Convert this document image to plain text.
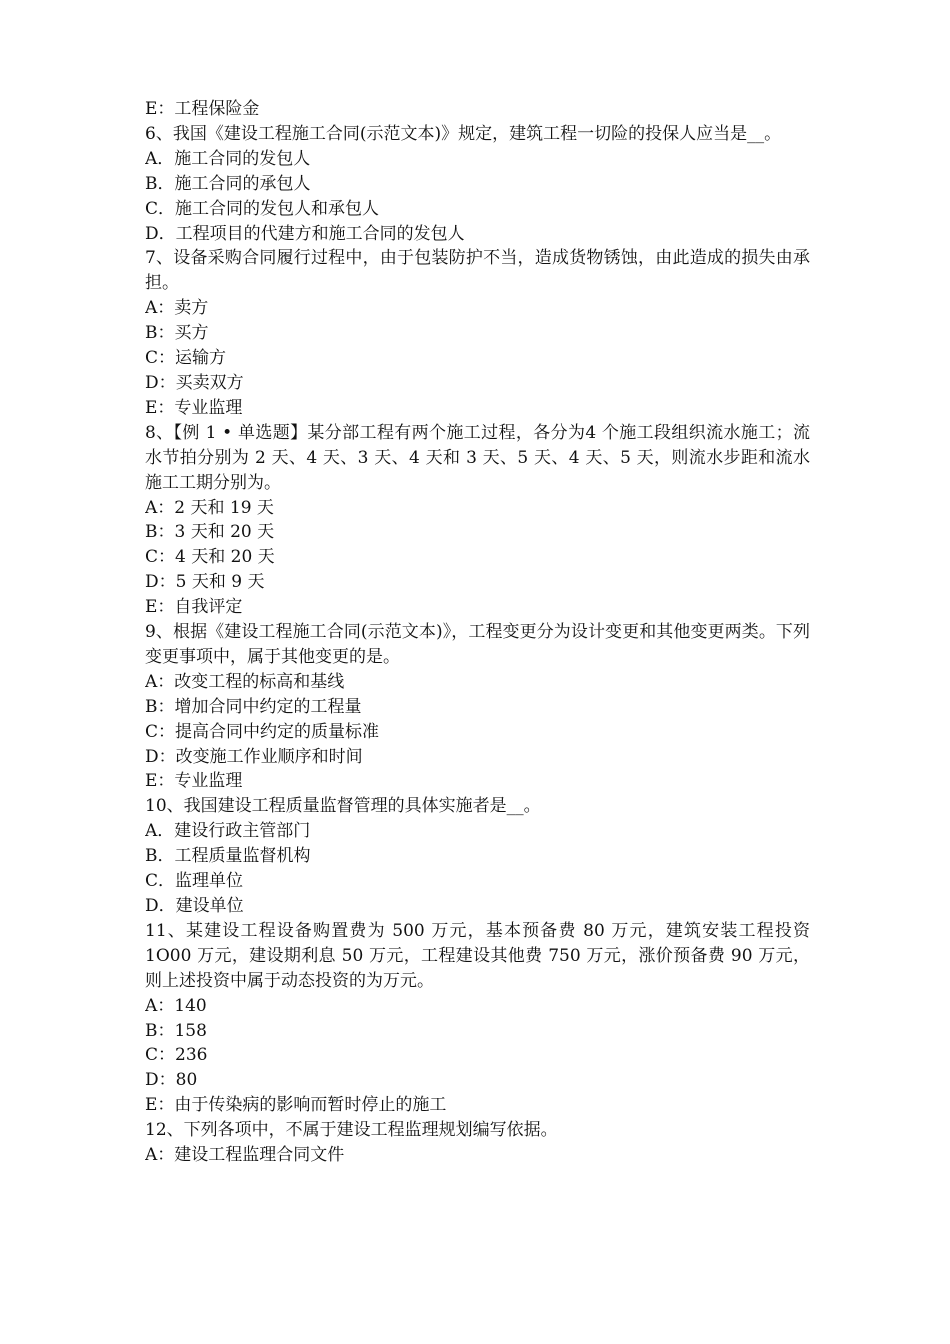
E：工程保险金
6、我国《建设工程施工合同(示范文本)》规定，建筑工程一切险的投保人应当是__。
A．施工合同的发包人
B．施工合同的承包人
C．施工合同的发包人和承包人
D．工程项目的代建方和施工合同的发包人
7、设备采购合同履行过程中，由于包装防护不当，造成货物锈蚀，由此造成的损失由承担。
A：卖方
B：买方
C：运输方
D：买卖双方
E：专业监理
8、【例 1 • 单选题】某分部工程有两个施工过程，各分为4 个施工段组织流水施工；流水节拍分别为 2 天、4 天、3 天、4 天和 3 天、5 天、4 天、5 天，则流水步距和流水施工工期分别为。
A：2 天和 19 天
B：3 天和 20 天
C：4 天和 20 天
D：5 天和 9 天
E：自我评定
9、根据《建设工程施工合同(示范文本)》，工程变更分为设计变更和其他变更两类。下列变更事项中，属于其他变更的是。
A：改变工程的标高和基线
B：增加合同中约定的工程量
C：提高合同中约定的质量标准
D：改变施工作业顺序和时间
E：专业监理
10、我国建设工程质量监督管理的具体实施者是__。
A．建设行政主管部门
B．工程质量监督机构
C．监理单位
D．建设单位
11、某建设工程设备购置费为 500 万元，基本预备费 80 万元，建筑安装工程投资 1O00 万元，建设期利息 50 万元，工程建设其他费 750 万元，涨价预备费 90 万元，则上述投资中属于动态投资的为万元。
A：140
B：158
C：236
D：80
E：由于传染病的影响而暂时停止的施工
12、下列各项中，不属于建设工程监理规划编写依据。
A：建设工程监理合同文件
